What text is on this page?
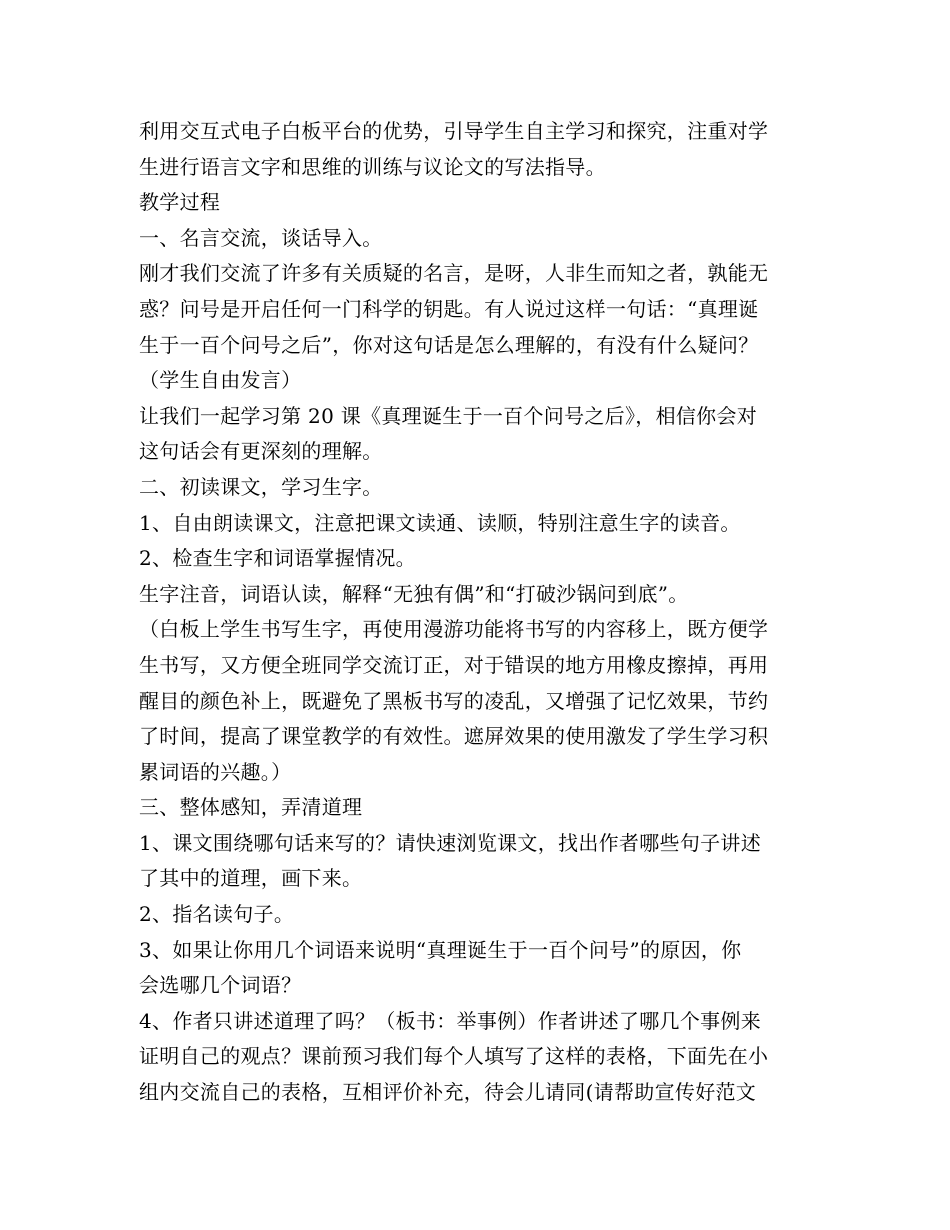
利用交互式电子白板平台的优势，引导学生自主学习和探究，注重对学
生进行语言文字和思维的训练与议论文的写法指导。
教学过程
一、名言交流，谈话导入。
刚才我们交流了许多有关质疑的名言，是呀，人非生而知之者，孰能无
惑？问号是开启任何一门科学的钥匙。有人说过这样一句话：“真理诞
生于一百个问号之后”，你对这句话是怎么理解的，有没有什么疑问？
（学生自由发言）
让我们一起学习第 20 课《真理诞生于一百个问号之后》，相信你会对
这句话会有更深刻的理解。
二、初读课文，学习生字。
1、自由朗读课文，注意把课文读通、读顺，特别注意生字的读音。
2、检查生字和词语掌握情况。
生字注音，词语认读，解释“无独有偶”和“打破沙锅问到底”。
（白板上学生书写生字，再使用漫游功能将书写的内容移上，既方便学
生书写，又方便全班同学交流订正，对于错误的地方用橡皮擦掉，再用
醒目的颜色补上，既避免了黑板书写的凌乱，又增强了记忆效果，节约
了时间，提高了课堂教学的有效性。遮屏效果的使用激发了学生学习积
累词语的兴趣。）
三、整体感知，弄清道理
1、课文围绕哪句话来写的？请快速浏览课文，找出作者哪些句子讲述
了其中的道理，画下来。
2、指名读句子。
3、如果让你用几个词语来说明“真理诞生于一百个问号”的原因，你
会选哪几个词语？
4、作者只讲述道理了吗？（板书：举事例）作者讲述了哪几个事例来
证明自己的观点？课前预习我们每个人填写了这样的表格，下面先在小
组内交流自己的表格，互相评价补充，待会儿请同(请帮助宣传好范文
